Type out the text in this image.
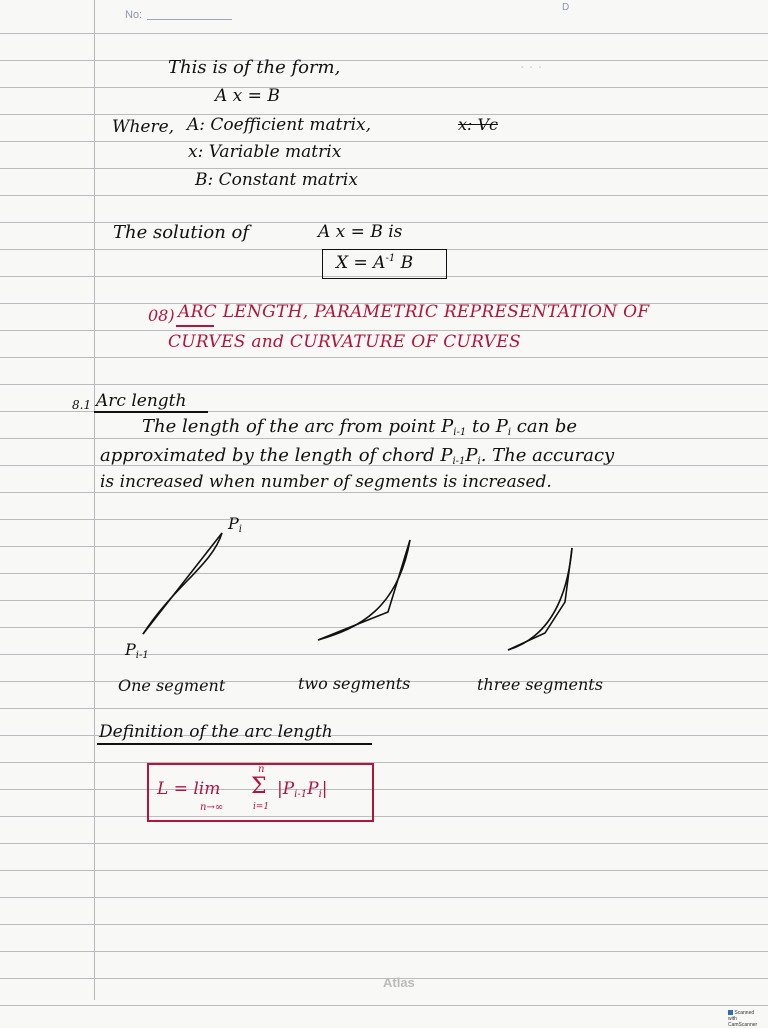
· · ·
No:
D
This is of the form,
A x = B
Where, A: Coefficient matrix,	x: Vc
x: Variable matrix
B: Constant matrix
The solution of	A x = B is
$X = A^{-1}$ B
08) ARC LENGTH, PARAMETRIC REPRESENTATION OF
CURVES and CURVATURE OF CURVES
8.1 Arc length
The length of the arc from point $P_{i-1}$ to $P_i$ can be
approximated by the length of chord $P_{i-1}P_i$. The accuracy
is increased when number of segments is increased.
$P_i$
$P_{i-1}$
One segment	two segments	three segments
Definition of the arc length
L = lim
n→∞
n
Σ
i=1
$|P_{i-1}P_i|$
Atlas
Scanned with CamScanner
